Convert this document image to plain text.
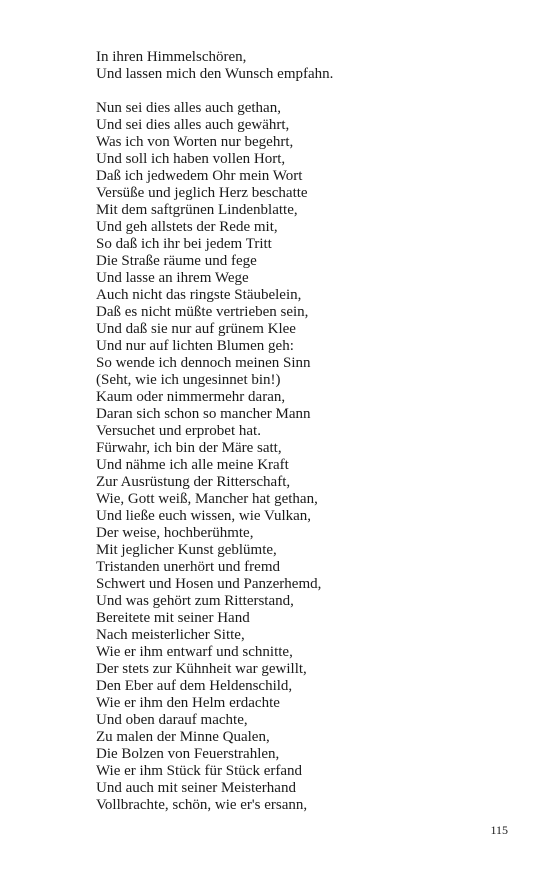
In ihren Himmelschören,
Und lassen mich den Wunsch empfahn.
Nun sei dies alles auch gethan,
Und sei dies alles auch gewährt,
Was ich von Worten nur begehrt,
Und soll ich haben vollen Hort,
Daß ich jedwedem Ohr mein Wort
Versüße und jeglich Herz beschatte
Mit dem saftgrünen Lindenblatte,
Und geh allstets der Rede mit,
So daß ich ihr bei jedem Tritt
Die Straße räume und fege
Und lasse an ihrem Wege
Auch nicht das ringste Stäubelein,
Daß es nicht müßte vertrieben sein,
Und daß sie nur auf grünem Klee
Und nur auf lichten Blumen geh:
So wende ich dennoch meinen Sinn
(Seht, wie ich ungesinnet bin!)
Kaum oder nimmermehr daran,
Daran sich schon so mancher Mann
Versuchet und erprobet hat.
Fürwahr, ich bin der Märe satt,
Und nähme ich alle meine Kraft
Zur Ausrüstung der Ritterschaft,
Wie, Gott weiß, Mancher hat gethan,
Und ließe euch wissen, wie Vulkan,
Der weise, hochberühmte,
Mit jeglicher Kunst geblümte,
Tristanden unerhört und fremd
Schwert und Hosen und Panzerhemd,
Und was gehört zum Ritterstand,
Bereitete mit seiner Hand
Nach meisterlicher Sitte,
Wie er ihm entwarf und schnitte,
Der stets zur Kühnheit war gewillt,
Den Eber auf dem Heldenschild,
Wie er ihm den Helm erdachte
Und oben darauf machte,
Zu malen der Minne Qualen,
Die Bolzen von Feuerstrahlen,
Wie er ihm Stück für Stück erfand
Und auch mit seiner Meisterhand
Vollbrachte, schön, wie er's ersann,
115
